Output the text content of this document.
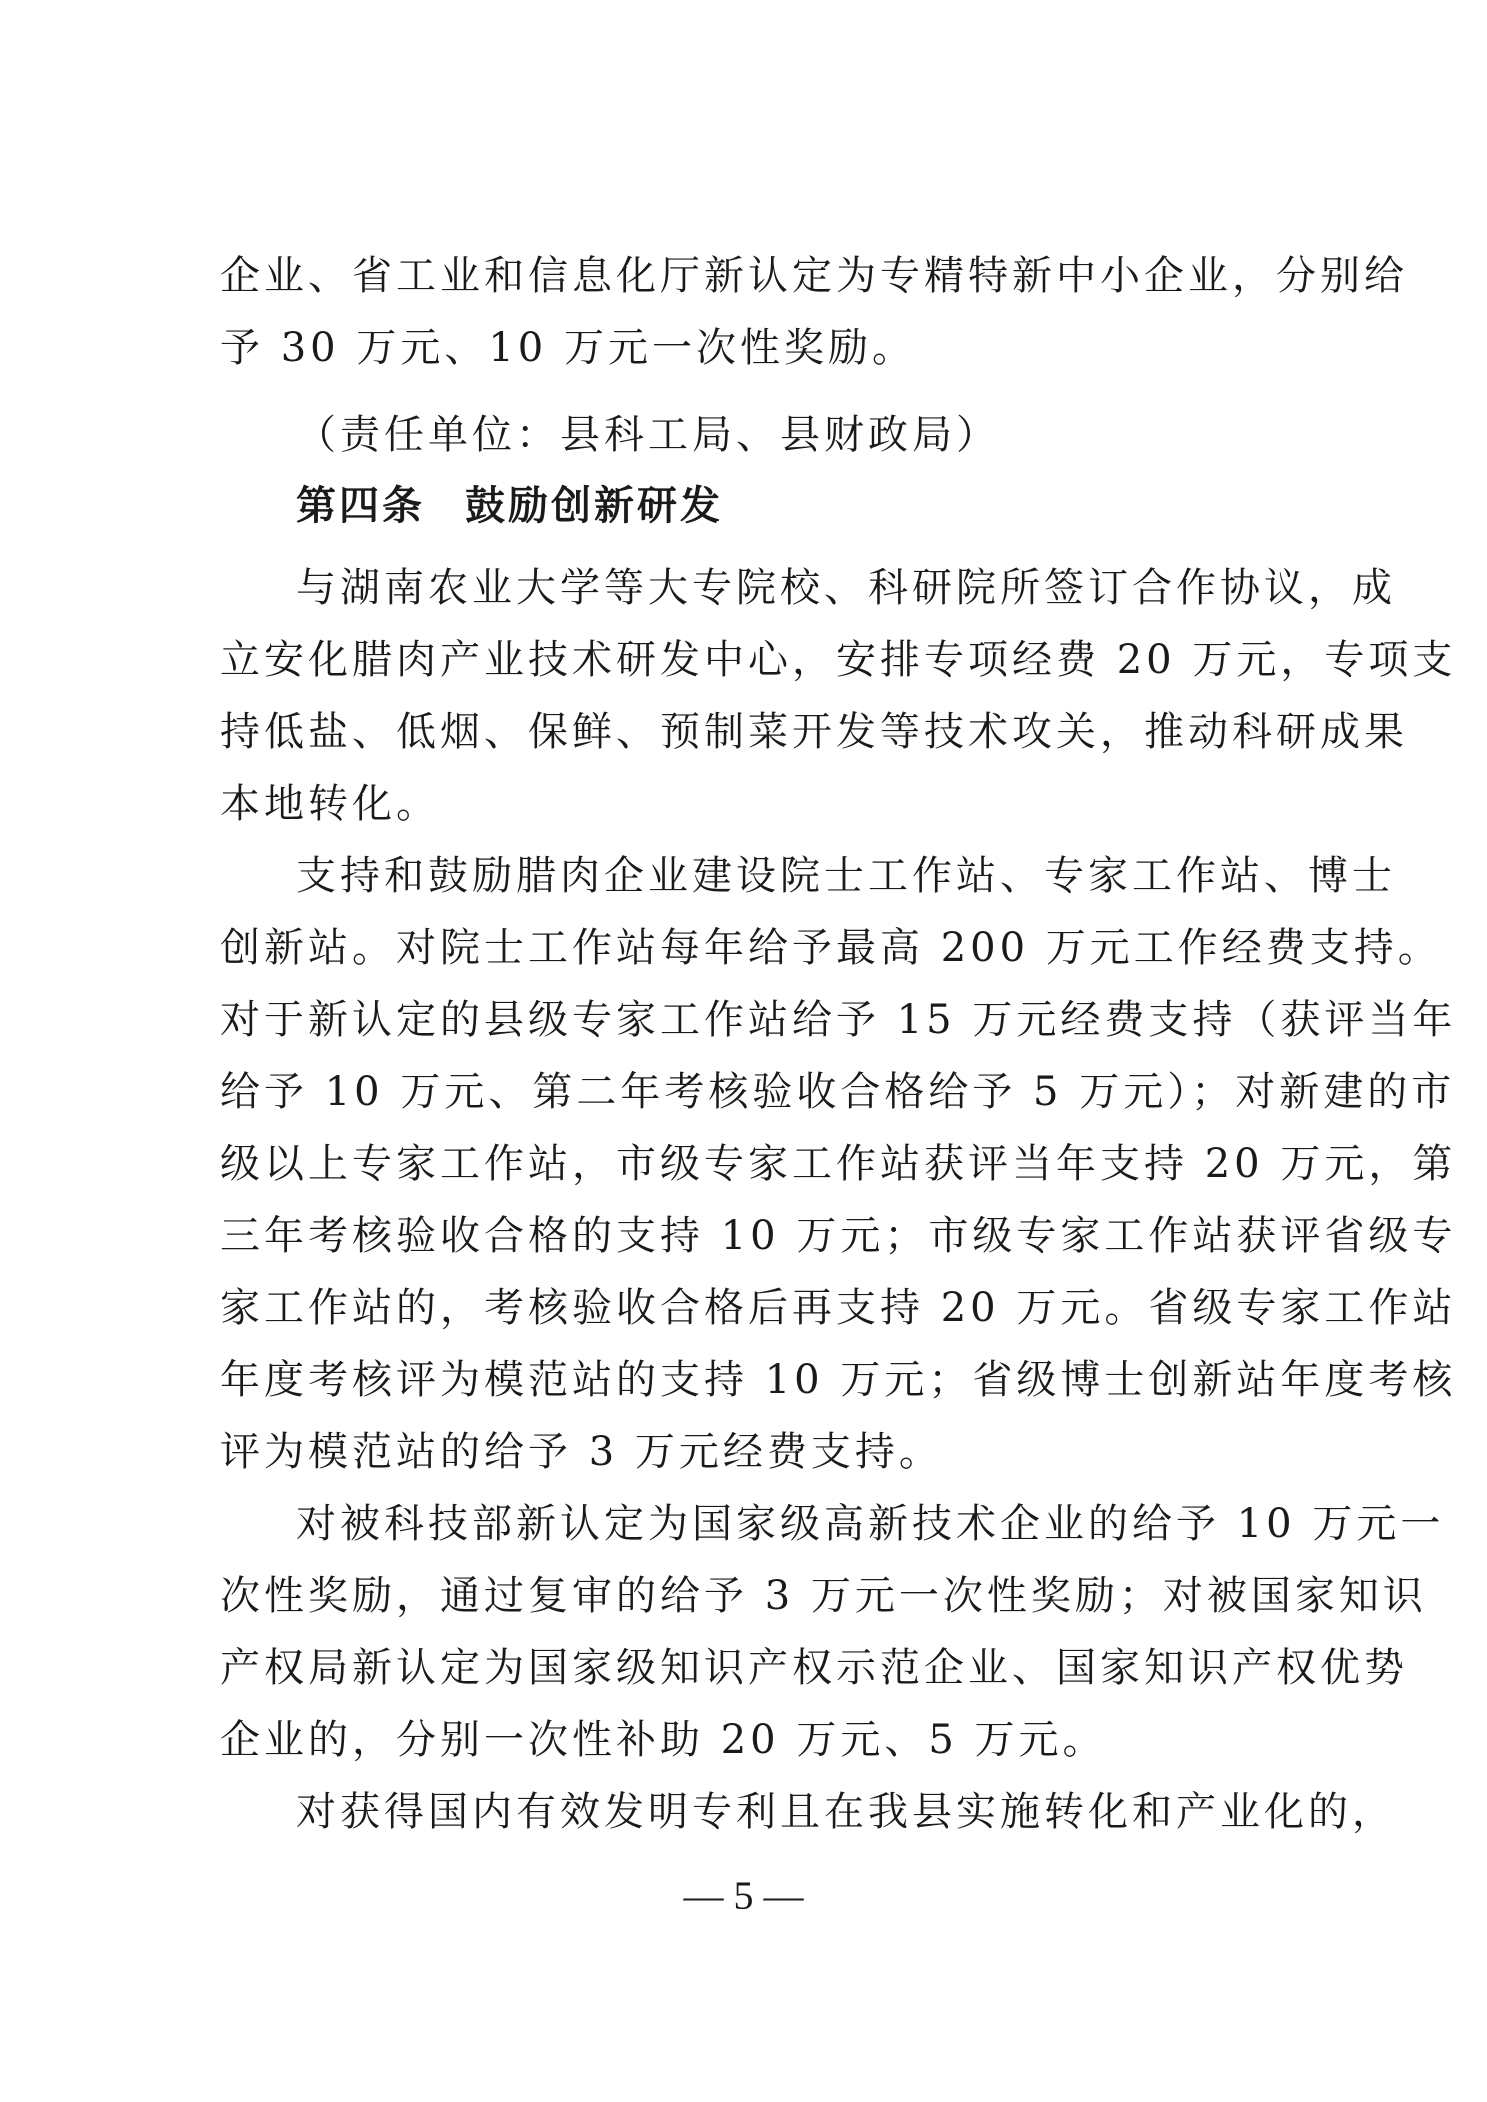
企业、省工业和信息化厅新认定为专精特新中小企业，分别给
予 30 万元、10 万元一次性奖励。
（责任单位：县科工局、县财政局）
第四条 鼓励创新研发
与湖南农业大学等大专院校、科研院所签订合作协议，成
立安化腊肉产业技术研发中心，安排专项经费 20 万元，专项支
持低盐、低烟、保鲜、预制菜开发等技术攻关，推动科研成果
本地转化。
支持和鼓励腊肉企业建设院士工作站、专家工作站、博士
创新站。对院士工作站每年给予最高 200 万元工作经费支持。
对于新认定的县级专家工作站给予 15 万元经费支持（获评当年
给予 10 万元、第二年考核验收合格给予 5 万元）；对新建的市
级以上专家工作站，市级专家工作站获评当年支持 20 万元，第
三年考核验收合格的支持 10 万元；市级专家工作站获评省级专
家工作站的，考核验收合格后再支持 20 万元。省级专家工作站
年度考核评为模范站的支持 10 万元；省级博士创新站年度考核
评为模范站的给予 3 万元经费支持。
对被科技部新认定为国家级高新技术企业的给予 10 万元一
次性奖励，通过复审的给予 3 万元一次性奖励；对被国家知识
产权局新认定为国家级知识产权示范企业、国家知识产权优势
企业的，分别一次性补助 20 万元、5 万元。
对获得国内有效发明专利且在我县实施转化和产业化的，
— 5 —
